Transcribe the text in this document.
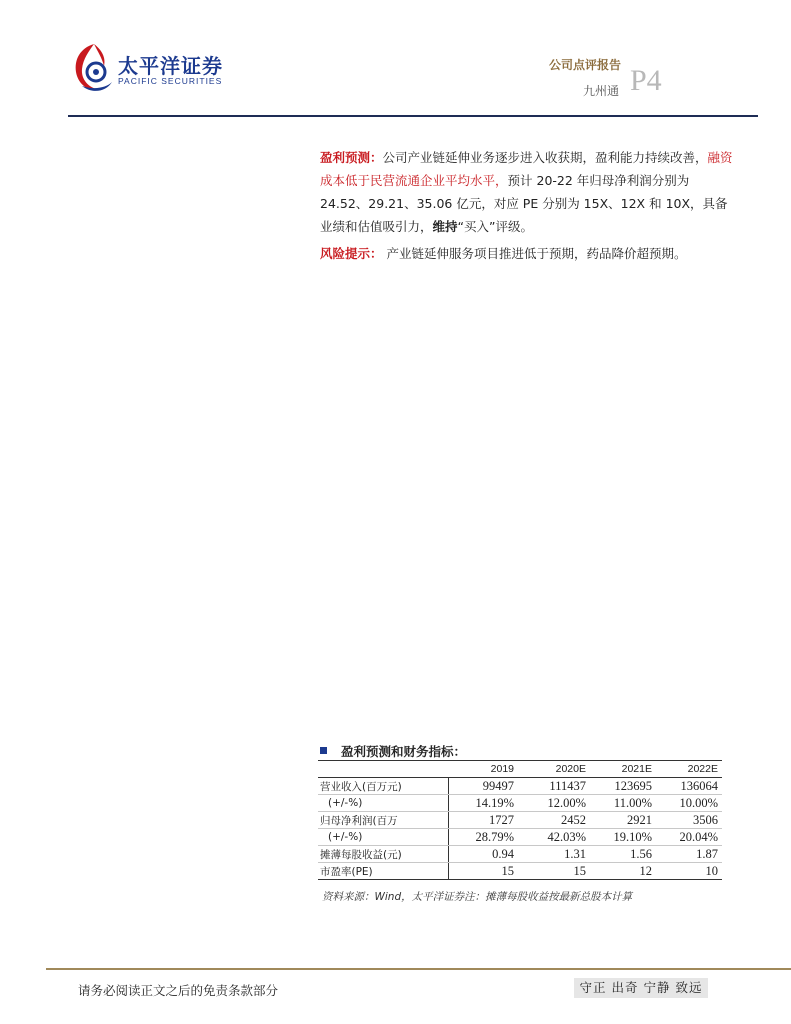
太平洋证券
PACIFIC SECURITIES
公司点评报告
九州通 P4
盈利预测：公司产业链延伸业务逐步进入收获期，盈利能力持续改善，融资成本低于民营流通企业平均水平，预计 20-22 年归母净利润分别为 24.52、29.21、35.06 亿元，对应 PE 分别为 15X、12X 和 10X，具备业绩和估值吸引力，维持“买入”评级。
风险提示： 产业链延伸服务项目推进低于预期，药品降价超预期。
盈利预测和财务指标：
	2019	2020E	2021E	2022E
营业收入(百万元)	99497	111437	123695	136064
(+/-%)	14.19%	12.00%	11.00%	10.00%
归母净利润(百万	1727	2452	2921	3506
(+/-%)	28.79%	42.03%	19.10%	20.04%
摊薄每股收益(元)	0.94	1.31	1.56	1.87
市盈率(PE)	15	15	12	10
资料来源：Wind，太平洋证券注：摊薄每股收益按最新总股本计算
请务必阅读正文之后的免责条款部分	守正 出奇 宁静 致远
